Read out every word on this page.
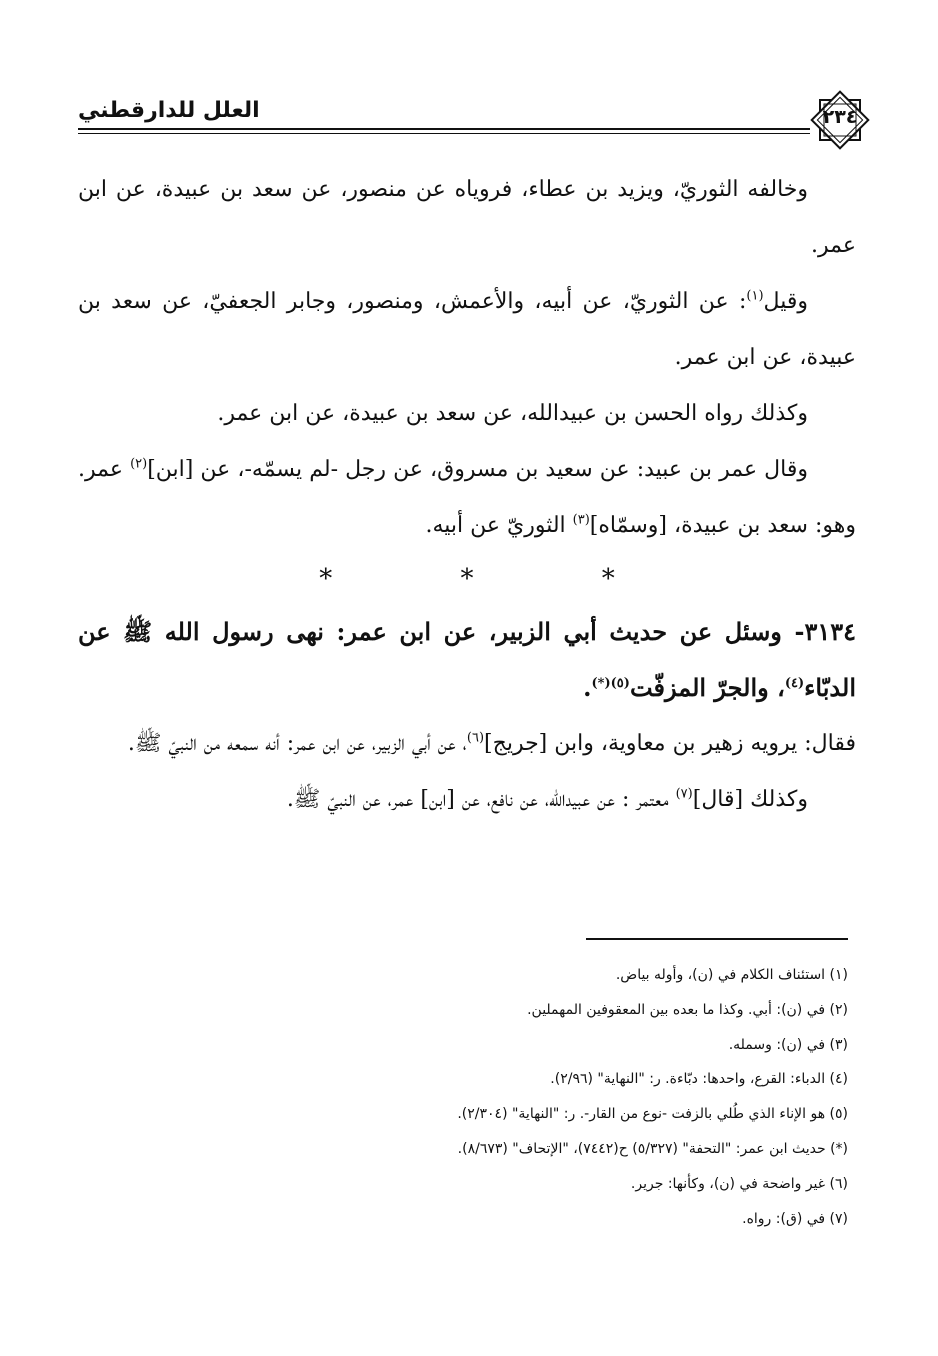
٢٣٤
العلل للدارقطني

وخالفه الثوريّ، ويزيد بن عطاء، فروياه عن منصور، عن سعد بن عبيدة، عن ابن عمر.

وقيل$^{(١)}$: عن الثوريّ، عن أبيه، والأعمش، ومنصور، وجابر الجعفيّ، عن سعد بن عبيدة، عن ابن عمر.

وكذلك رواه الحسن بن عبيدالله، عن سعد بن عبيدة، عن ابن عمر.

وقال عمر بن عبيد: عن سعيد بن مسروق، عن رجل -لم يسمّه-، عن [ابن]$^{(٢)}$ عمر. وهو: سعد بن عبيدة، [وسمّاه]$^{(٣)}$ الثوريّ عن أبيه.

* * *

٣١٣٤- وسئل عن حديث أبي الزبير، عن ابن عمر: نهى رسول الله ﷺ عن الدبّاء$^{(٤)}$، والجرّ المزفّت$^{(٥)(*)}$.

فقال: يرويه زهير بن معاوية، وابن [جريج]$^{(٦)}$، عن أبي الزبير، عن ابن عمر: أنه سمعه من النبيّ ﷺ.

وكذلك [قال]$^{(٧)}$ معتمر : عن عبيدالله، عن نافع، عن [ابن] عمر، عن النبيّ ﷺ.

(١) استئناف الكلام في (ن)، وأوله بياض.
(٢) في (ن): أبي. وكذا ما بعده بين المعقوفين المهملين.
(٣) في (ن): وسمله.
(٤) الدباء: القرع، واحدها: دبّاءة. ر: "النهاية" (٢/٩٦).
(٥) هو الإناء الذي طُلي بالزفت -نوع من القار-. ر: "النهاية" (٢/٣٠٤).
(*) حديث ابن عمر: "التحفة" (٥/٣٢٧) ح(٧٤٤٢)، "الإتحاف" (٨/٦٧٣).
(٦) غير واضحة في (ن)، وكأنها: جرير.
(٧) في (ق): رواه.
